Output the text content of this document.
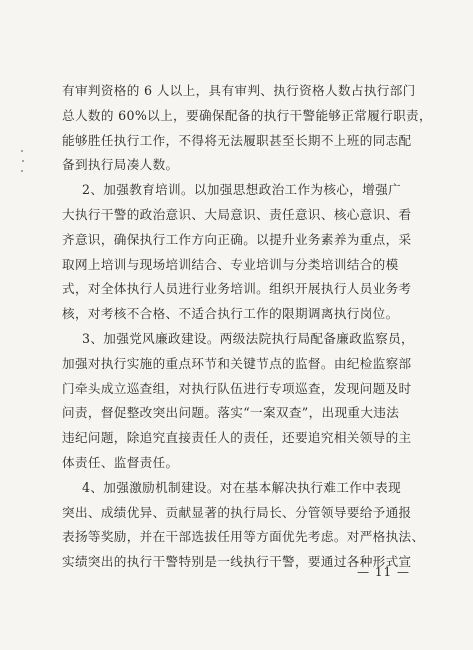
有审判资格的 6 人以上，具有审判、执行资格人数占执行部门
总人数的 60%以上，要确保配备的执行干警能够正常履行职责，
能够胜任执行工作，不得将无法履职甚至长期不上班的同志配
备到执行局凑人数。
2、加强教育培训。以加强思想政治工作为核心，增强广
大执行干警的政治意识、大局意识、责任意识、核心意识、看
齐意识，确保执行工作方向正确。以提升业务素养为重点，采
取网上培训与现场培训结合、专业培训与分类培训结合的模
式，对全体执行人员进行业务培训。组织开展执行人员业务考
核，对考核不合格、不适合执行工作的限期调离执行岗位。
3、加强党风廉政建设。两级法院执行局配备廉政监察员，
加强对执行实施的重点环节和关键节点的监督。由纪检监察部
门牵头成立巡查组，对执行队伍进行专项巡查，发现问题及时
问责，督促整改突出问题。落实“一案双查”，出现重大违法
违纪问题，除追究直接责任人的责任，还要追究相关领导的主
体责任、监督责任。
4、加强激励机制建设。对在基本解决执行难工作中表现
突出、成绩优异、贡献显著的执行局长、分管领导要给予通报
表扬等奖励，并在干部选拔任用等方面优先考虑。对严格执法、
实绩突出的执行干警特别是一线执行干警，要通过各种形式宣
— 11 —
